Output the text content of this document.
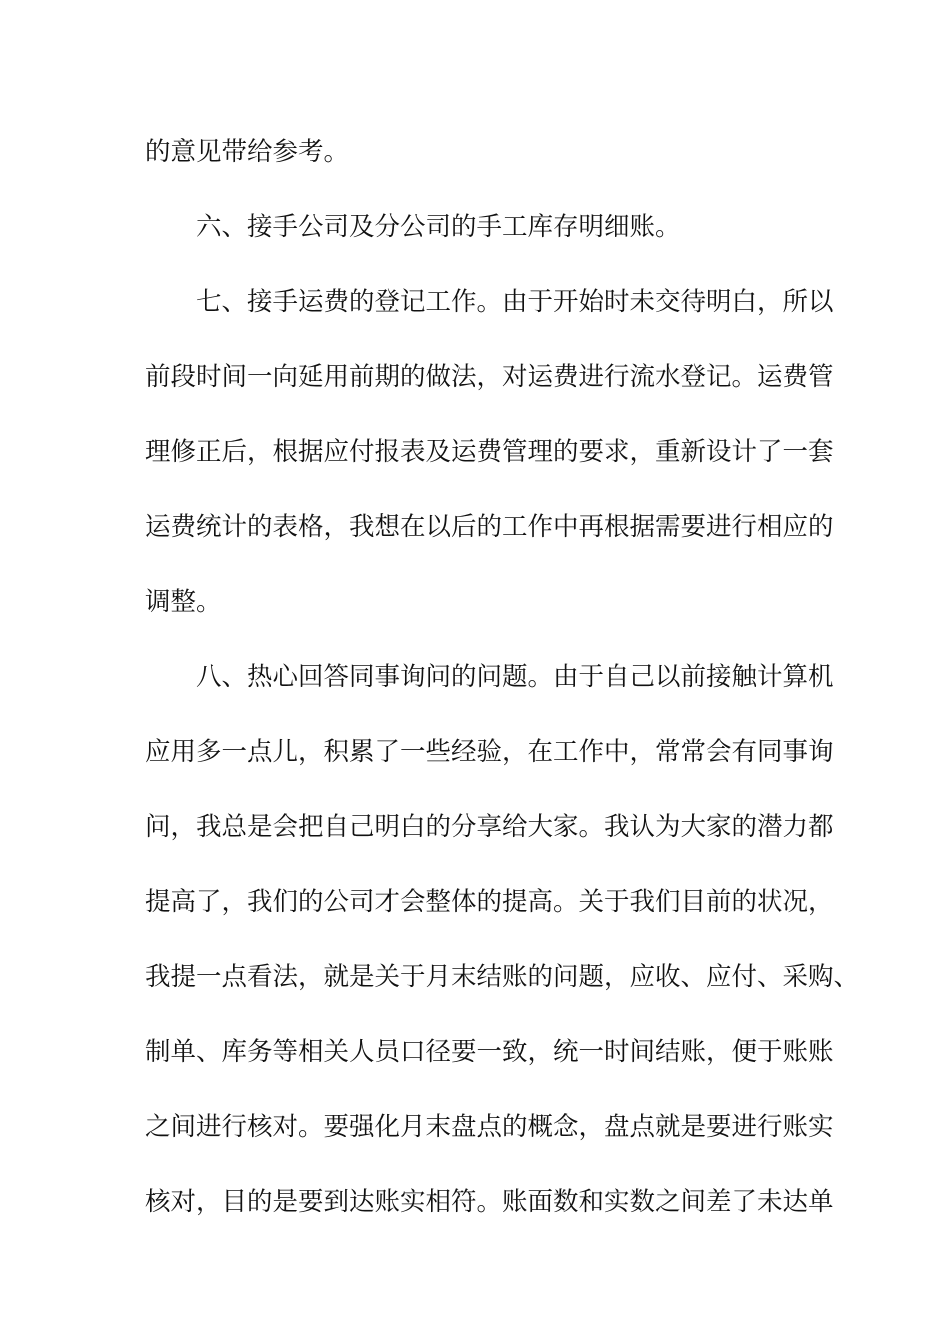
的意见带给参考。

　　六、接手公司及分公司的手工库存明细账。

　　七、接手运费的登记工作。由于开始时未交待明白，所以

前段时间一向延用前期的做法，对运费进行流水登记。运费管

理修正后，根据应付报表及运费管理的要求，重新设计了一套

运费统计的表格，我想在以后的工作中再根据需要进行相应的

调整。

　　八、热心回答同事询问的问题。由于自己以前接触计算机

应用多一点儿，积累了一些经验，在工作中，常常会有同事询

问，我总是会把自己明白的分享给大家。我认为大家的潜力都

提高了，我们的公司才会整体的提高。关于我们目前的状况，

我提一点看法，就是关于月末结账的问题，应收、应付、采购、

制单、库务等相关人员口径要一致，统一时间结账，便于账账

之间进行核对。要强化月末盘点的概念，盘点就是要进行账实

核对，目的是要到达账实相符。账面数和实数之间差了未达单
